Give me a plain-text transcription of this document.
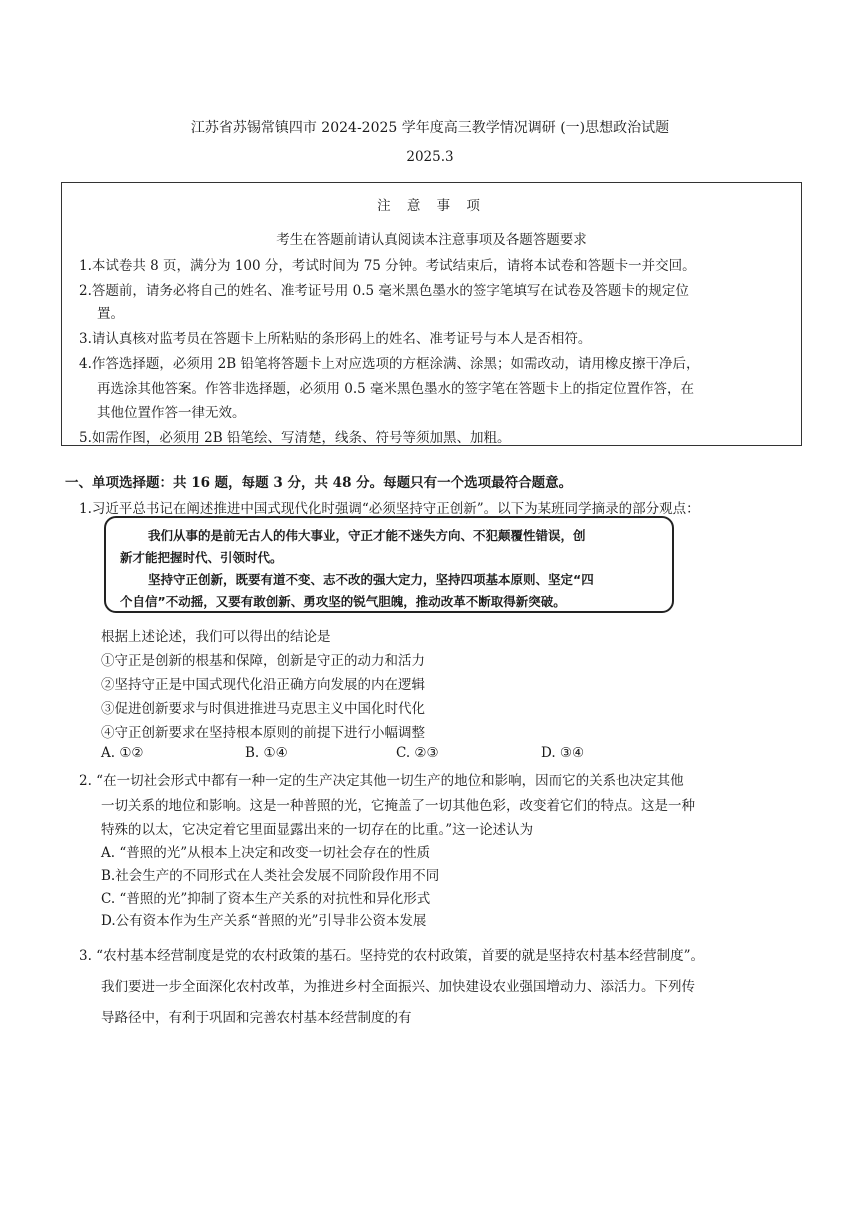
江苏省苏锡常镇四市 2024-2025 学年度高三教学情况调研 (一)思想政治试题
2025.3
注 意 事 项
考生在答题前请认真阅读本注意事项及各题答题要求
1.本试卷共 8 页，满分为 100 分，考试时间为 75 分钟。考试结束后，请将本试卷和答题卡一并交回。
2.答题前，请务必将自己的姓名、准考证号用 0.5 毫米黑色墨水的签字笔填写在试卷及答题卡的规定位
置。
3.请认真核对监考员在答题卡上所粘贴的条形码上的姓名、准考证号与本人是否相符。
4.作答选择题，必须用 2B 铅笔将答题卡上对应选项的方框涂满、涂黑；如需改动，请用橡皮擦干净后，
再选涂其他答案。作答非选择题，必须用 0.5 毫米黑色墨水的签字笔在答题卡上的指定位置作答，在
其他位置作答一律无效。
5.如需作图，必须用 2B 铅笔绘、写清楚，线条、符号等须加黑、加粗。
一、单项选择题：共 16 题，每题 3 分，共 48 分。每题只有一个选项最符合题意。
1.习近平总书记在阐述推进中国式现代化时强调“必须坚持守正创新”。以下为某班同学摘录的部分观点：
我们从事的是前无古人的伟大事业，守正才能不迷失方向、不犯颠覆性错误，创
新才能把握时代、引领时代。
坚持守正创新，既要有道不变、志不改的强大定力，坚持四项基本原则、坚定“四
个自信”不动摇，又要有敢创新、勇攻坚的锐气胆魄，推动改革不断取得新突破。
根据上述论述，我们可以得出的结论是
①守正是创新的根基和保障，创新是守正的动力和活力
②坚持守正是中国式现代化沿正确方向发展的内在逻辑
③促进创新要求与时俱进推进马克思主义中国化时代化
④守正创新要求在坚持根本原则的前提下进行小幅调整
A. ①②	B. ①④	C. ②③	D. ③④
2. “在一切社会形式中都有一种一定的生产决定其他一切生产的地位和影响，因而它的关系也决定其他
一切关系的地位和影响。这是一种普照的光，它掩盖了一切其他色彩，改变着它们的特点。这是一种
特殊的以太，它决定着它里面显露出来的一切存在的比重。”这一论述认为
A. “普照的光”从根本上决定和改变一切社会存在的性质
B.社会生产的不同形式在人类社会发展不同阶段作用不同
C. “普照的光”抑制了资本生产关系的对抗性和异化形式
D.公有资本作为生产关系“普照的光”引导非公资本发展
3. “农村基本经营制度是党的农村政策的基石。坚持党的农村政策，首要的就是坚持农村基本经营制度”。
我们要进一步全面深化农村改革，为推进乡村全面振兴、加快建设农业强国增动力、添活力。下列传
导路径中，有利于巩固和完善农村基本经营制度的有
